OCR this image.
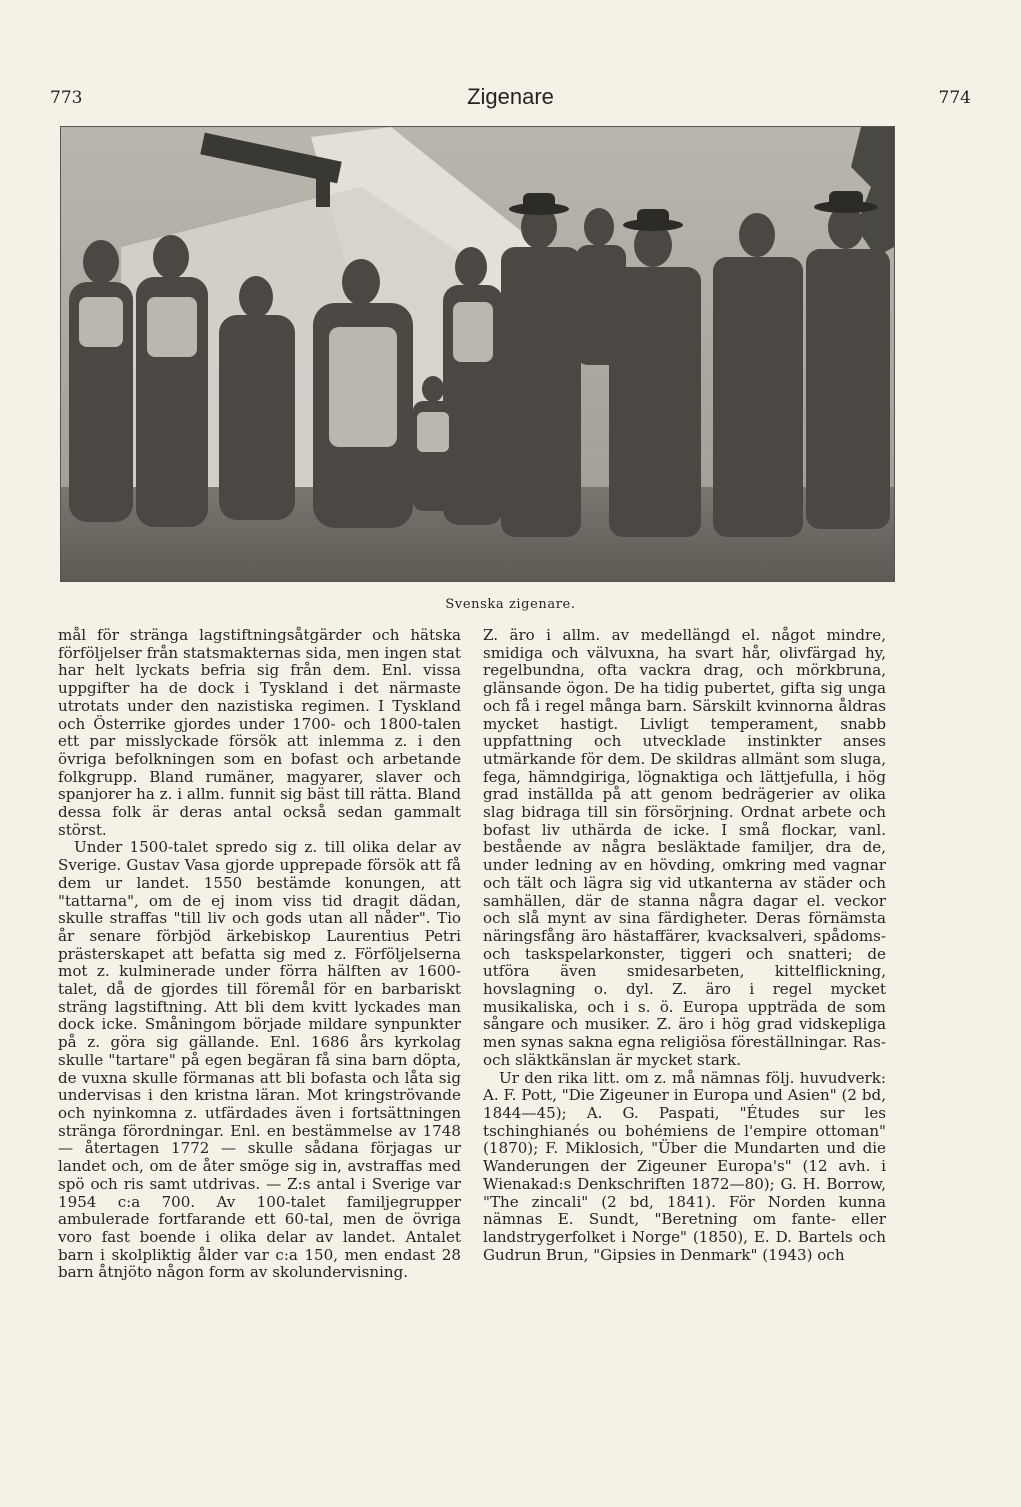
773	Zigenare	774
Svenska zigenare.

mål för stränga lagstiftningsåtgärder och hätska förföljelser från statsmakternas sida, men ingen stat har helt lyckats befria sig från dem. Enl. vissa uppgifter ha de dock i Tyskland i det närmaste utrotats under den nazistiska regimen. I Tyskland och Österrike gjordes under 1700- och 1800-talen ett par misslyckade försök att inlemma z. i den övriga befolkningen som en bofast och arbetande folkgrupp. Bland rumäner, magyarer, slaver och spanjorer ha z. i allm. funnit sig bäst till rätta. Bland dessa folk är deras antal också sedan gammalt störst.

Under 1500-talet spredo sig z. till olika delar av Sverige. Gustav Vasa gjorde upprepade försök att få dem ur landet. 1550 bestämde konungen, att "tattarna", om de ej inom viss tid dragit dädan, skulle straffas "till liv och gods utan all nåder". Tio år senare förbjöd ärkebiskop Laurentius Petri prästerskapet att befatta sig med z. Förföljelserna mot z. kulminerade under förra hälften av 1600-talet, då de gjordes till föremål för en barbariskt sträng lagstiftning. Att bli dem kvitt lyckades man dock icke. Småningom började mildare synpunkter på z. göra sig gällande. Enl. 1686 års kyrkolag skulle "tartare" på egen begäran få sina barn döpta, de vuxna skulle förmanas att bli bofasta och låta sig undervisas i den kristna läran. Mot kringströvande och nyinkomna z. utfärdades även i fortsättningen stränga förordningar. Enl. en bestämmelse av 1748 — återtagen 1772 — skulle sådana förjagas ur landet och, om de åter smöge sig in, avstraffas med spö och ris samt utdrivas. — Z:s antal i Sverige var 1954 c:a 700. Av 100-talet familjegrupper ambulerade fortfarande ett 60-tal, men de övriga voro fast boende i olika delar av landet. Antalet barn i skolpliktig ålder var c:a 150, men endast 28 barn åtnjöto någon form av skolundervisning.

Z. äro i allm. av medellängd el. något mindre, smidiga och välvuxna, ha svart hår, olivfärgad hy, regelbundna, ofta vackra drag, och mörkbruna, glänsande ögon. De ha tidig pubertet, gifta sig unga och få i regel många barn. Särskilt kvinnorna åldras mycket hastigt. Livligt temperament, snabb uppfattning och utvecklade instinkter anses utmärkande för dem. De skildras allmänt som sluga, fega, hämndgiriga, lögnaktiga och lättjefulla, i hög grad inställda på att genom bedrägerier av olika slag bidraga till sin försörjning. Ordnat arbete och bofast liv uthärda de icke. I små flockar, vanl. bestående av några besläktade familjer, dra de, under ledning av en hövding, omkring med vagnar och tält och lägra sig vid utkanterna av städer och samhällen, där de stanna några dagar el. veckor och slå mynt av sina färdigheter. Deras förnämsta näringsfång äro hästaffärer, kvacksalveri, spådoms- och taskspelarkonster, tiggeri och snatteri; de utföra även smidesarbeten, kittelflickning, hovslagning o. dyl. Z. äro i regel mycket musikaliska, och i s. ö. Europa uppträda de som sångare och musiker. Z. äro i hög grad vidskepliga men synas sakna egna religiösa föreställningar. Ras- och släktkänslan är mycket stark.

Ur den rika litt. om z. må nämnas följ. huvudverk: A. F. Pott, "Die Zigeuner in Europa und Asien" (2 bd, 1844—45); A. G. Paspati, "Études sur les tschinghianés ou bohémiens de l'empire ottoman" (1870); F. Miklosich, "Über die Mundarten und die Wanderungen der Zigeuner Europa's" (12 avh. i Wienakad:s Denkschriften 1872—80); G. H. Borrow, "The zincali" (2 bd, 1841). För Norden kunna nämnas E. Sundt, "Beretning om fante- eller landstrygerfolket i Norge" (1850), E. D. Bartels och Gudrun Brun, "Gipsies in Denmark" (1943) och
